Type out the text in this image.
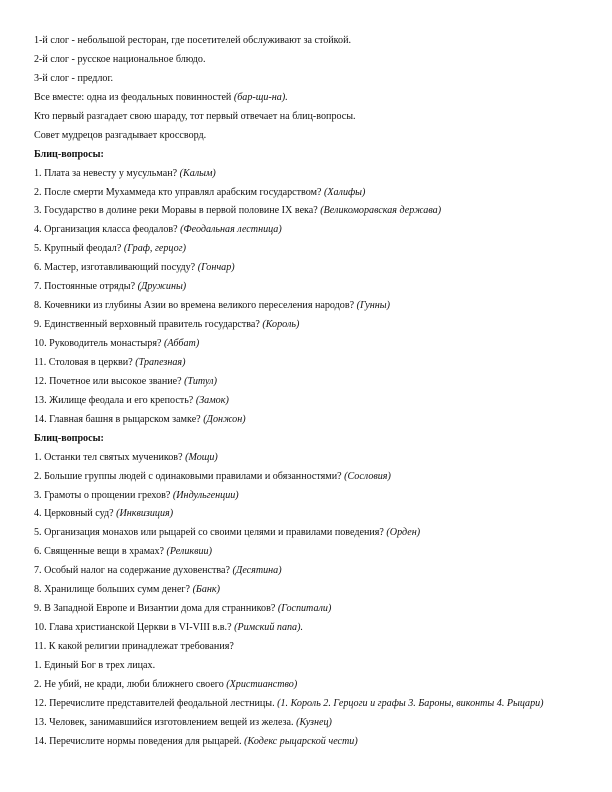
1-й слог - небольшой ресторан, где посетителей обслуживают за стойкой.
2-й слог - русское национальное блюдо.
3-й слог - предлог.
Все вместе: одна из феодальных повинностей (бар-щи-на).
Кто первый разгадает свою шараду, тот первый отвечает на блиц-вопросы.
Совет мудрецов разгадывает кроссворд.
Блиц-вопросы:
1. Плата за невесту у мусульман? (Калым)
2. После смерти Мухаммеда кто управлял арабским государством? (Халифы)
3. Государство в долине реки Моравы в первой половине IX века? (Великоморавская держава)
4. Организация класса феодалов? (Феодальная лестница)
5. Крупный феодал? (Граф, герцог)
6. Мастер, изготавливающий посуду? (Гончар)
7. Постоянные отряды? (Дружины)
8. Кочевники из глубины Азии во времена великого переселения народов? (Гунны)
9. Единственный верховный правитель государства? (Король)
10. Руководитель монастыря? (Аббат)
11. Столовая в церкви? (Трапезная)
12. Почетное или высокое звание? (Титул)
13. Жилище феодала и его крепость? (Замок)
14. Главная башня в рыцарском замке? (Донжон)
Блиц-вопросы:
1. Останки тел святых мучеников? (Мощи)
2. Большие группы людей с одинаковыми правилами и обязанностями? (Сословия)
3. Грамоты о прощении грехов? (Индульгенции)
4. Церковный суд? (Инквизиция)
5. Организация монахов или рыцарей со своими целями и правилами поведения? (Орден)
6. Священные вещи в храмах? (Реликвии)
7. Особый налог на содержание духовенства? (Десятина)
8. Хранилище больших сумм денег? (Банк)
9. В Западной Европе и Византии дома для странников? (Госпитали)
10. Глава христианской Церкви в VI-VIII в.в.? (Римский папа).
11. К какой религии принадлежат требования?
1. Единый Бог в трех лицах.
2. Не убий, не кради, люби ближнего своего (Христианство)
12. Перечислите представителей феодальной лестницы. (1. Король 2. Герцоги и графы 3. Бароны, виконты 4. Рыцари)
13. Человек, занимавшийся изготовлением вещей из железа. (Кузнец)
14. Перечислите нормы поведения для рыцарей. (Кодекс рыцарской чести)
